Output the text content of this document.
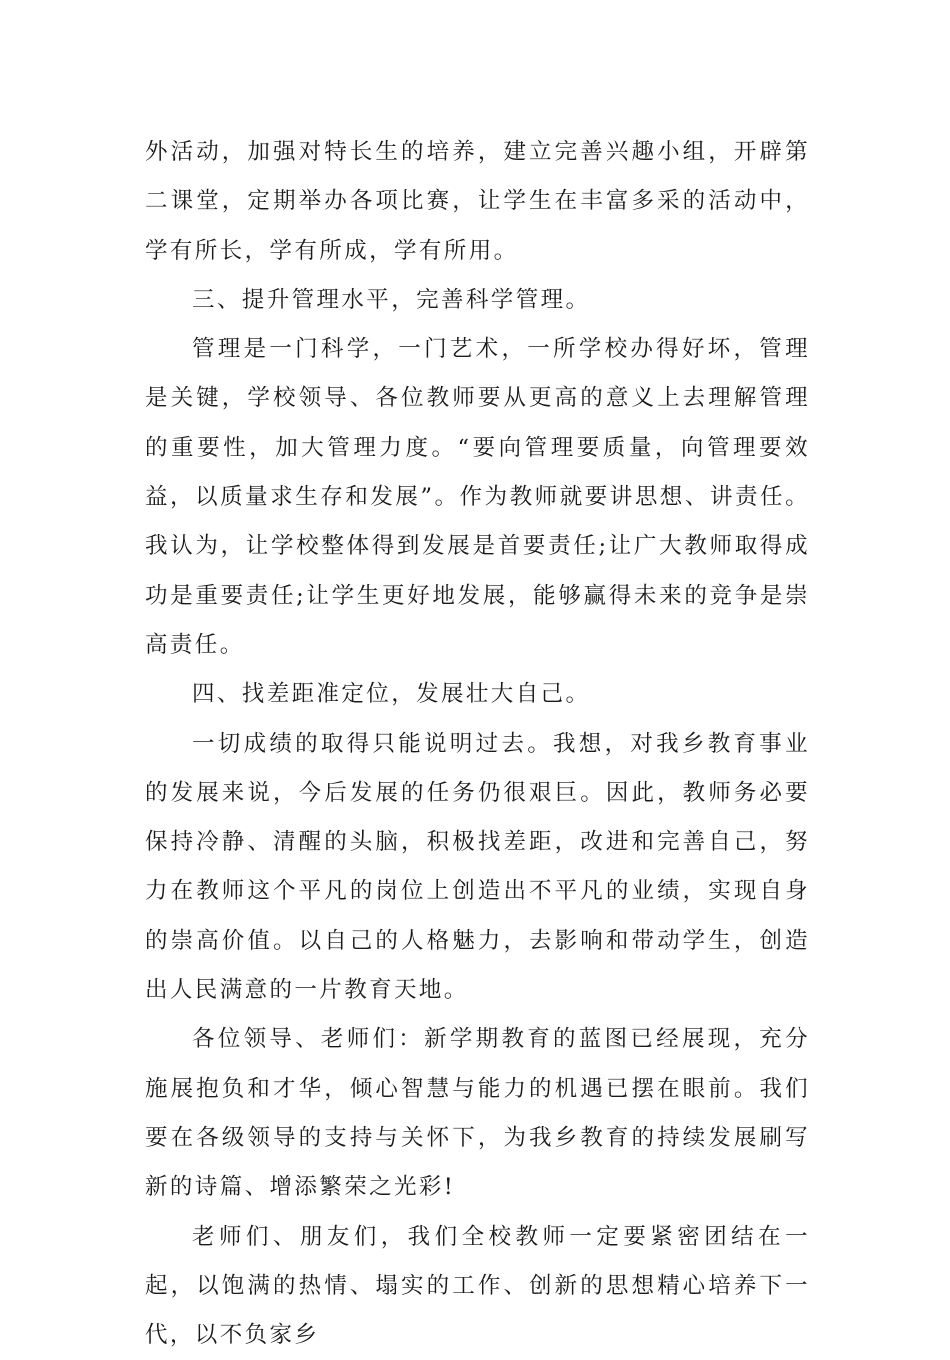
外活动，加强对特长生的培养，建立完善兴趣小组，开辟第二课堂，定期举办各项比赛，让学生在丰富多采的活动中，学有所长，学有所成，学有所用。

三、提升管理水平，完善科学管理。

管理是一门科学，一门艺术，一所学校办得好坏，管理是关键，学校领导、各位教师要从更高的意义上去理解管理的重要性，加大管理力度。“要向管理要质量，向管理要效益，以质量求生存和发展”。作为教师就要讲思想、讲责任。我认为，让学校整体得到发展是首要责任;让广大教师取得成功是重要责任;让学生更好地发展，能够赢得未来的竞争是崇高责任。

四、找差距准定位，发展壮大自己。

一切成绩的取得只能说明过去。我想，对我乡教育事业的发展来说，今后发展的任务仍很艰巨。因此，教师务必要保持冷静、清醒的头脑，积极找差距，改进和完善自己，努力在教师这个平凡的岗位上创造出不平凡的业绩，实现自身的崇高价值。以自己的人格魅力，去影响和带动学生，创造出人民满意的一片教育天地。

各位领导、老师们：新学期教育的蓝图已经展现，充分施展抱负和才华，倾心智慧与能力的机遇已摆在眼前。我们要在各级领导的支持与关怀下，为我乡教育的持续发展刷写新的诗篇、增添繁荣之光彩!

老师们、朋友们，我们全校教师一定要紧密团结在一起，以饱满的热情、塌实的工作、创新的思想精心培养下一代，以不负家乡
